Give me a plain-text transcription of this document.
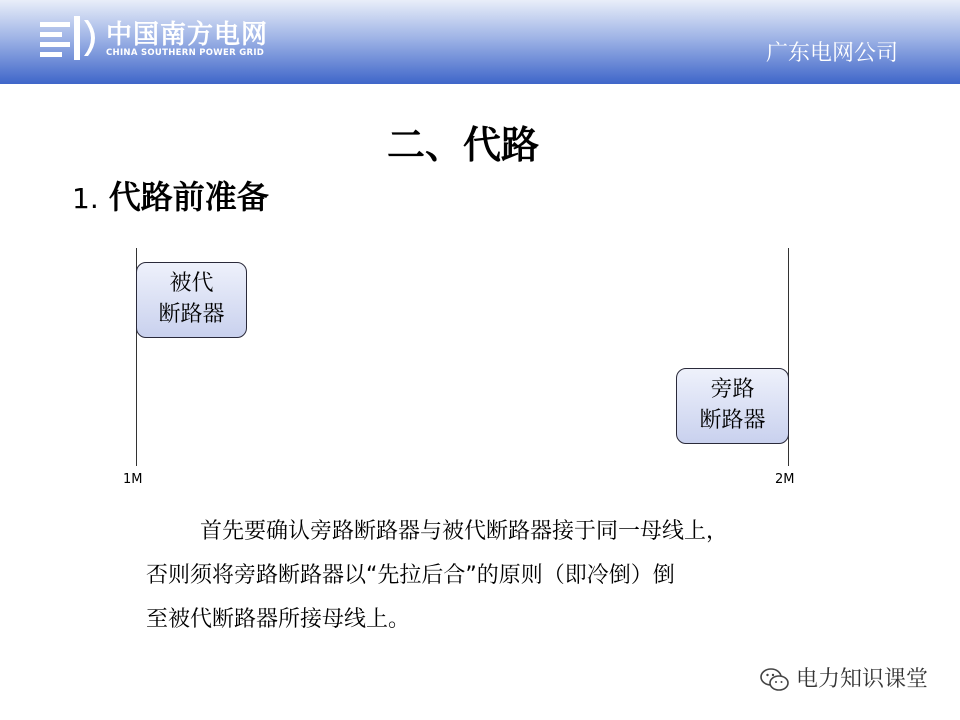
中国南方电网
CHINA SOUTHERN POWER GRID	广东电网公司
二、代路
1. 代路前准备
1M	2M
被代
断路器
旁路
断路器
首先要确认旁路断路器与被代断路器接于同一母线上，
否则须将旁路断路器以“先拉后合”的原则（即冷倒）倒
至被代断路器所接母线上。
电力知识课堂
